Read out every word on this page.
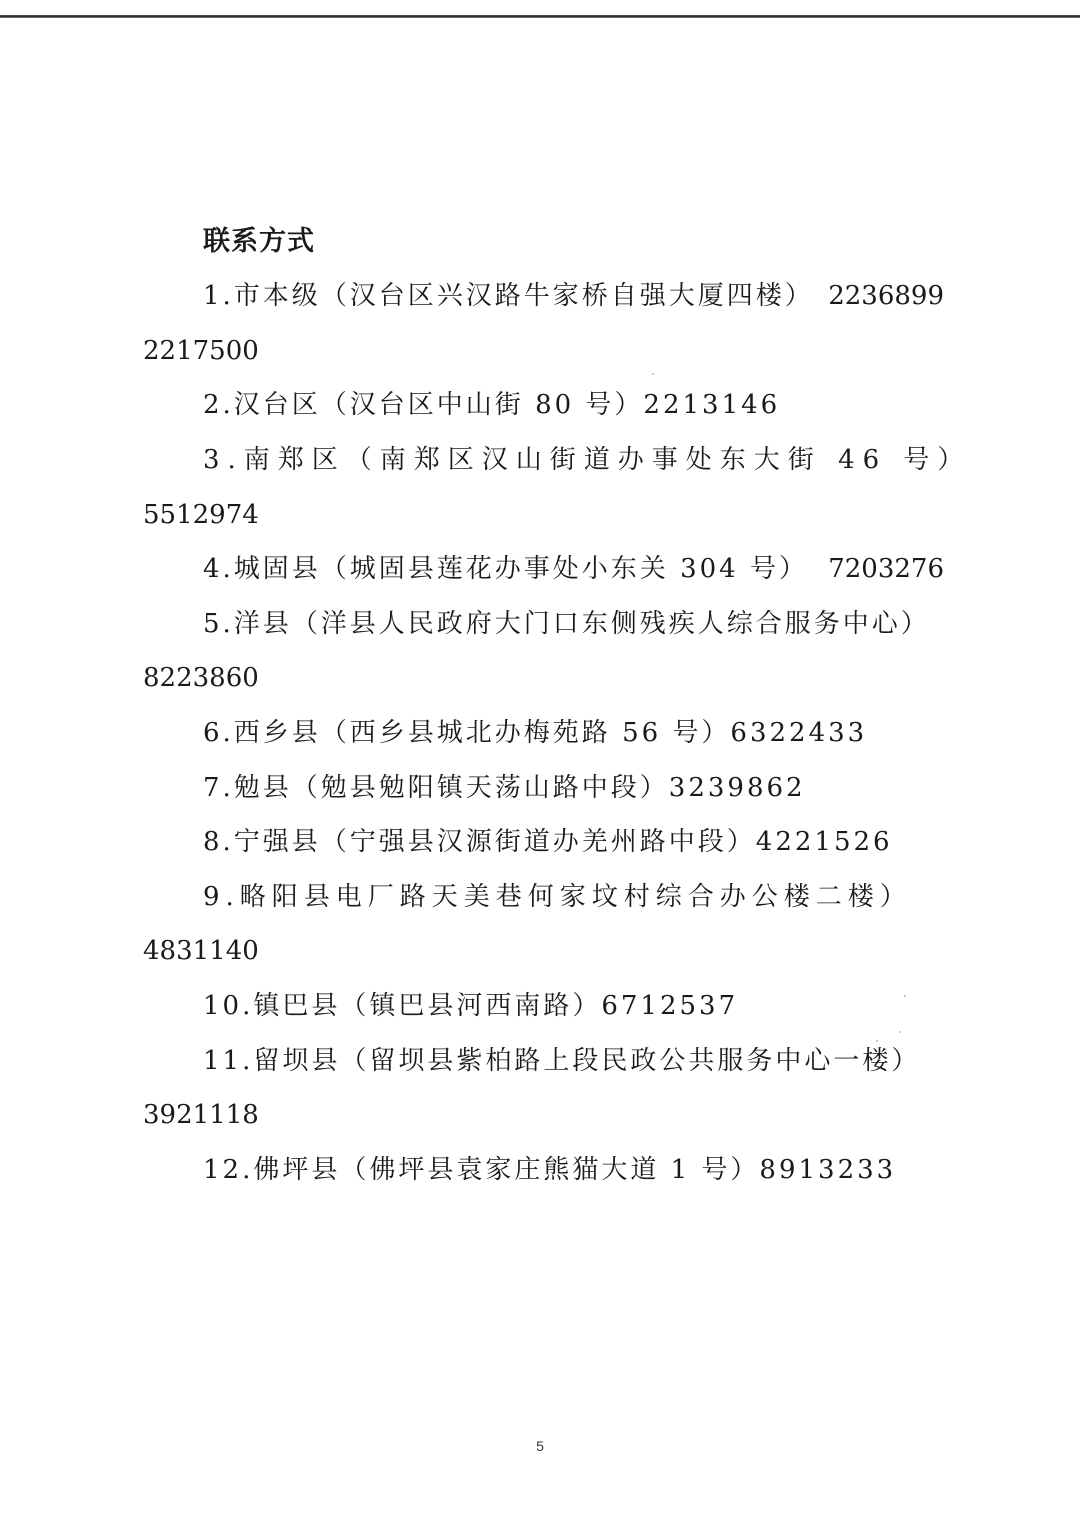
联系方式
1.市本级（汉台区兴汉路牛家桥自强大厦四楼） 2236899
2217500
2.汉台区（汉台区中山街 80 号）2213146
3.南郑区（南郑区汉山街道办事处东大街 46 号）
5512974
4.城固县（城固县莲花办事处小东关 304 号） 7203276
5.洋县（洋县人民政府大门口东侧残疾人综合服务中心）
8223860
6.西乡县（西乡县城北办梅苑路 56 号）6322433
7.勉县（勉县勉阳镇天荡山路中段）3239862
8.宁强县（宁强县汉源街道办羌州路中段）4221526
9.略阳县电厂路天美巷何家坟村综合办公楼二楼）
4831140
10.镇巴县（镇巴县河西南路）6712537
11.留坝县（留坝县紫柏路上段民政公共服务中心一楼）
3921118
12.佛坪县（佛坪县袁家庄熊猫大道 1 号）8913233
5
